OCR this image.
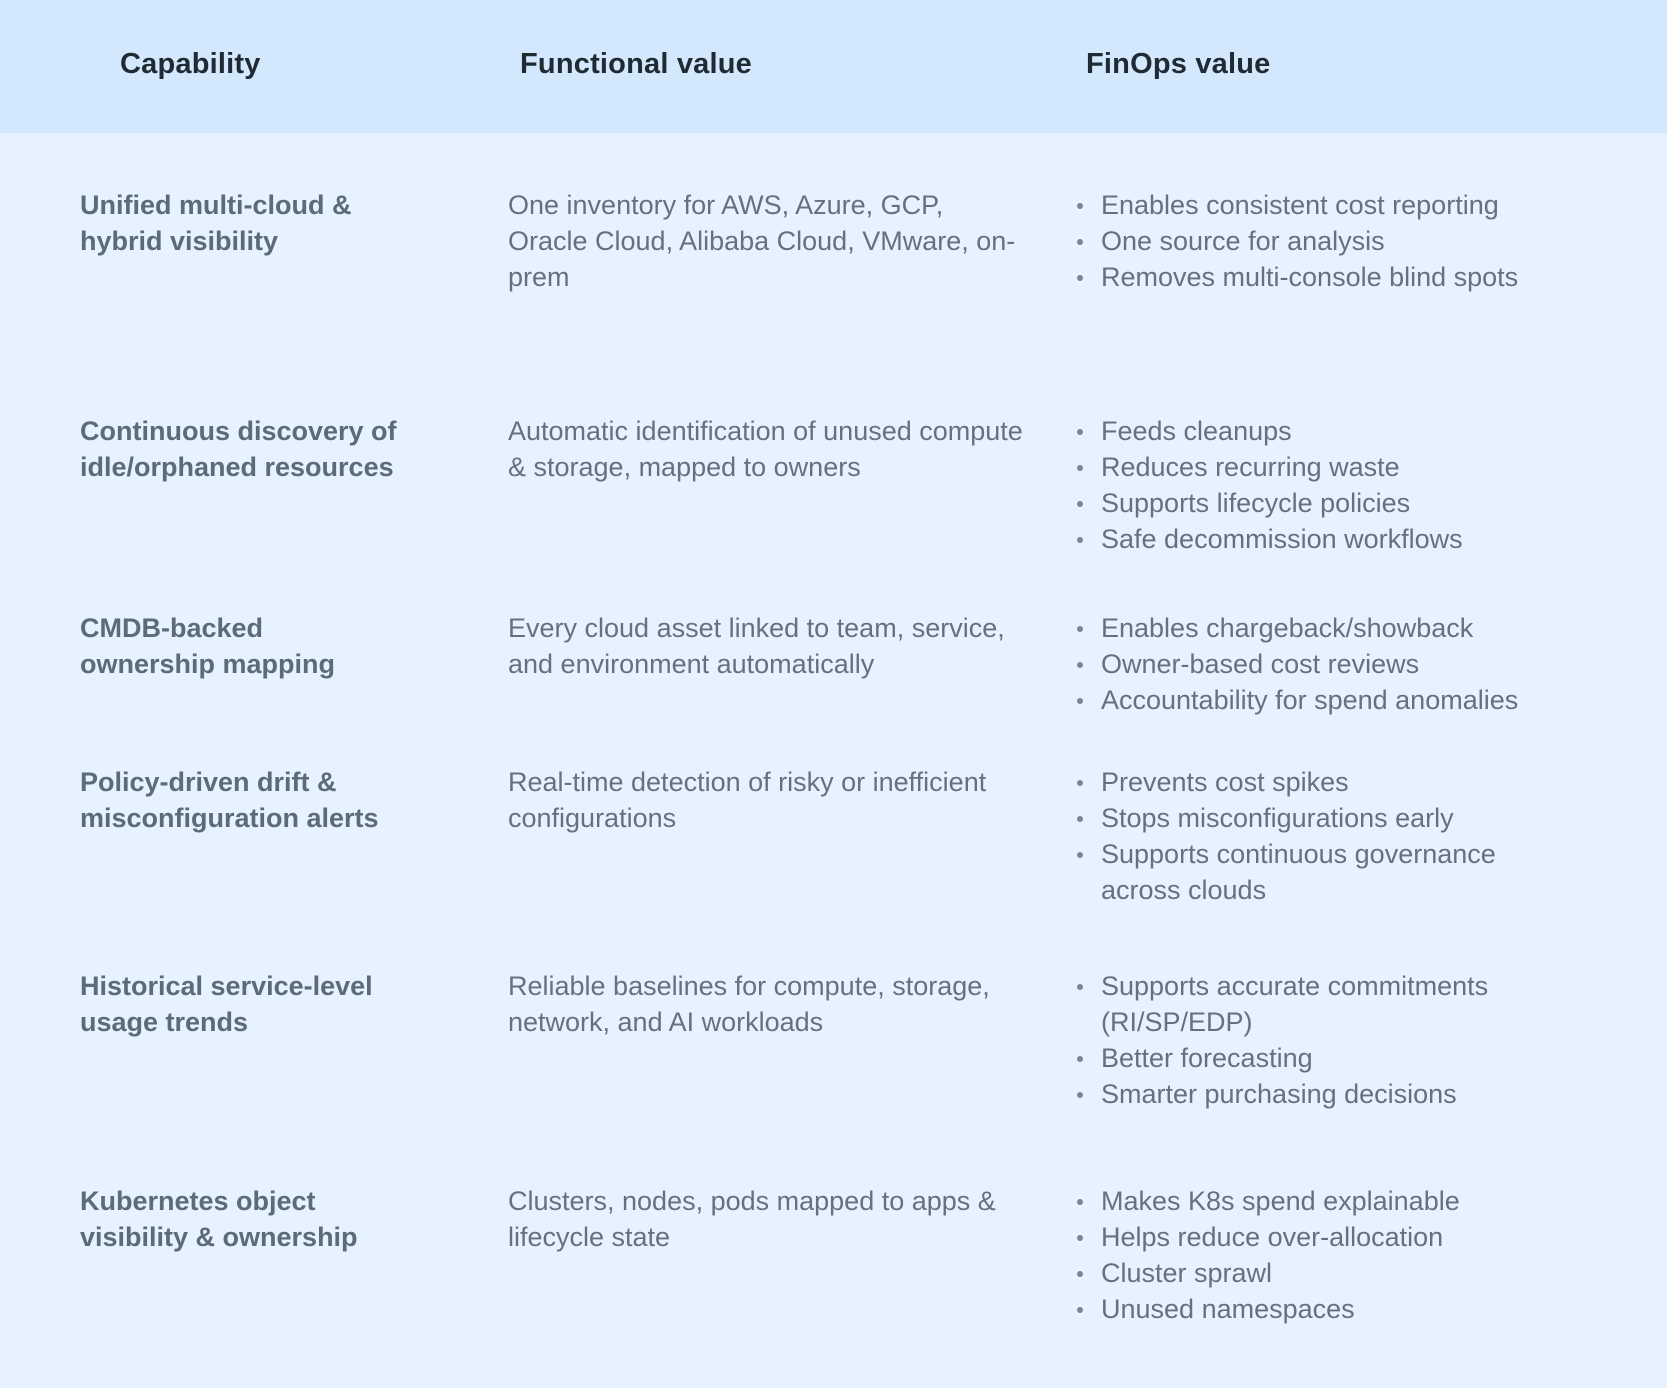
Capability	Functional value	FinOps value
Unified multi-cloud & hybrid visibility
One inventory for AWS, Azure, GCP, Oracle Cloud, Alibaba Cloud, VMware, on-prem
Enables consistent cost reporting
One source for analysis
Removes multi-console blind spots
Continuous discovery of idle/orphaned resources
Automatic identification of unused compute & storage, mapped to owners
Feeds cleanups
Reduces recurring waste
Supports lifecycle policies
Safe decommission workflows
CMDB-backed ownership mapping
Every cloud asset linked to team, service, and environment automatically
Enables chargeback/showback
Owner-based cost reviews
Accountability for spend anomalies
Policy-driven drift & misconfiguration alerts
Real-time detection of risky or inefficient configurations
Prevents cost spikes
Stops misconfigurations early
Supports continuous governance across clouds
Historical service-level usage trends
Reliable baselines for compute, storage, network, and AI workloads
Supports accurate commitments (RI/SP/EDP)
Better forecasting
Smarter purchasing decisions
Kubernetes object visibility & ownership
Clusters, nodes, pods mapped to apps & lifecycle state
Makes K8s spend explainable
Helps reduce over-allocation
Cluster sprawl
Unused namespaces
